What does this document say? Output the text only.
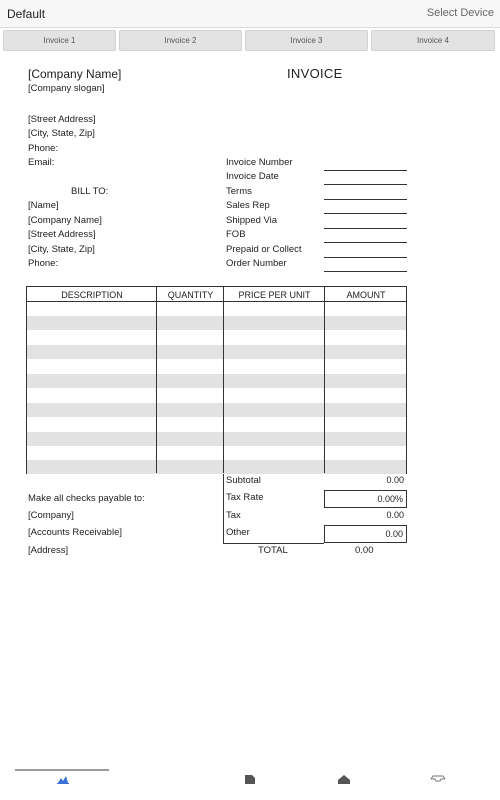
Default	Select Device
Invoice 1	Invoice 2	Invoice 3	Invoice 4
[Company Name]
[Company slogan]
[Street Address]
[City, State, Zip]
Phone:
Email:
INVOICE
Invoice Number
Invoice Date
Terms
Sales Rep
Shipped Via
FOB
Prepaid or Collect
Order Number
BILL TO:
[Name]
[Company Name]
[Street Address]
[City, State, Zip]
Phone:
DESCRIPTION	QUANTITY	PRICE PER UNIT	AMOUNT
Subtotal	0.00
Tax Rate	0.00%
Tax	0.00
Other	0.00
TOTAL	0.00
Make all checks payable to:
[Company]
[Accounts Receivable]
[Address]
